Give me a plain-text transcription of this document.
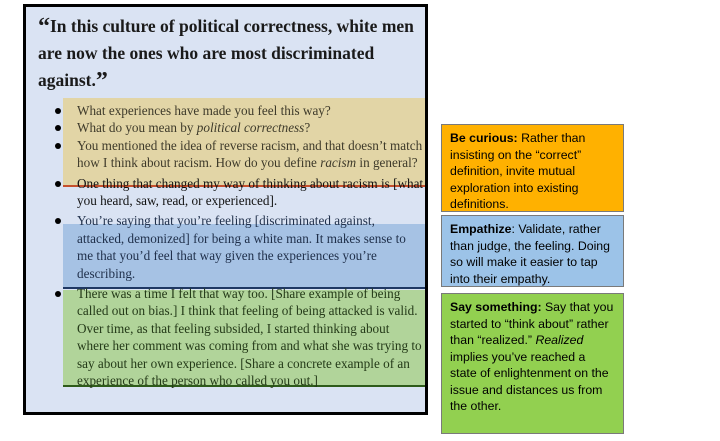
“In this culture of political correctness, white men are now the ones who are most discriminated against.”
What experiences have made you feel this way?
What do you mean by political correctness?
You mentioned the idea of reverse racism, and that doesn’t match how I think about racism. How do you define racism in general?
One thing that changed my way of thinking about racism is [what you heard, saw, read, or experienced].
You’re saying that you’re feeling [discriminated against, attacked, demonized] for being a white man. It makes sense to me that you’d feel that way given the experiences you’re describing.
There was a time I felt that way too. [Share example of being called out on bias.] I think that feeling of being attacked is valid. Over time, as that feeling subsided, I started thinking about where her comment was coming from and what she was trying to say about her own experience. [Share a concrete example of an experience of the person who called you out.]
Be curious: Rather than insisting on the “correct” definition, invite mutual exploration into existing definitions.
Empathize: Validate, rather than judge, the feeling. Doing so will make it easier to tap into their empathy.
Say something: Say that you started to “think about” rather than “realized.” Realized implies you’ve reached a state of enlightenment on the issue and distances us from the other.
